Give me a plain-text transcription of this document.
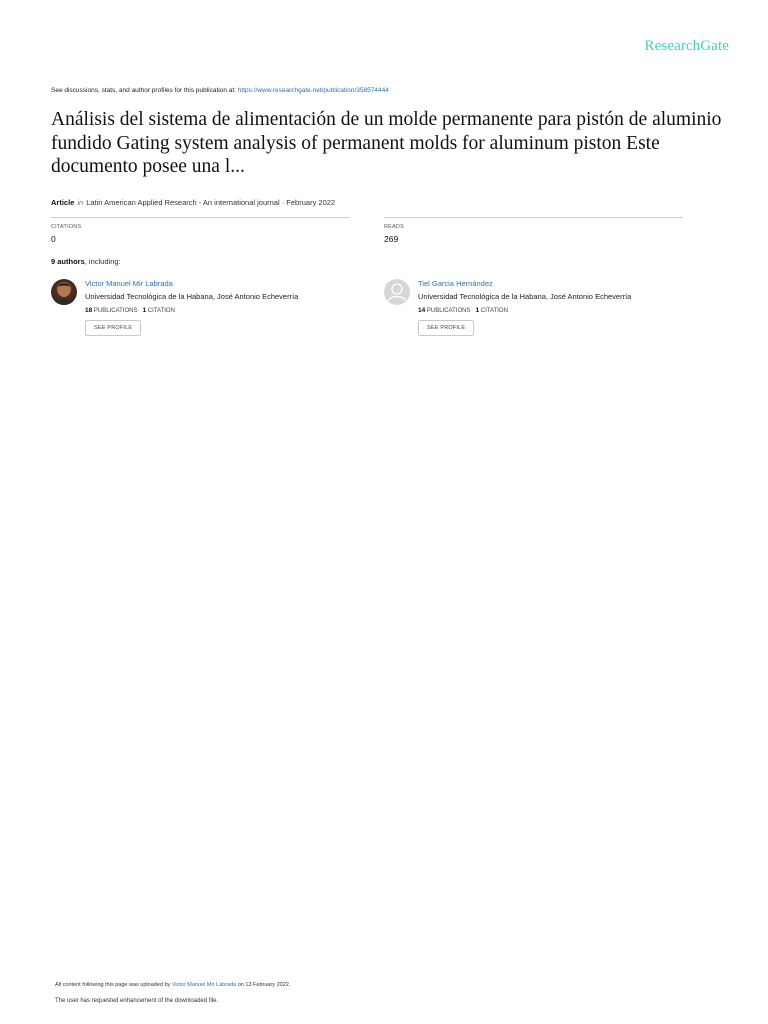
ResearchGate
See discussions, stats, and author profiles for this publication at: https://www.researchgate.net/publication/358574444
Análisis del sistema de alimentación de un molde permanente para pistón de aluminio fundido Gating system analysis of permanent molds for aluminum piston Este documento posee una l...
Article in Latin American Applied Research - An international journal · February 2022
CITATIONS
0
READS
269
9 authors, including:
Victor Manuel Mir Labrada
Universidad Tecnológica de la Habana, José Antonio Echeverría
18 PUBLICATIONS 1 CITATION
SEE PROFILE
Tiel Garcia Hernández
Universidad Tecnológica de la Habana, José Antonio Echeverría
14 PUBLICATIONS 1 CITATION
SEE PROFILE
All content following this page was uploaded by Victor Manuel Mir Labrada on 13 February 2022.
The user has requested enhancement of the downloaded file.
